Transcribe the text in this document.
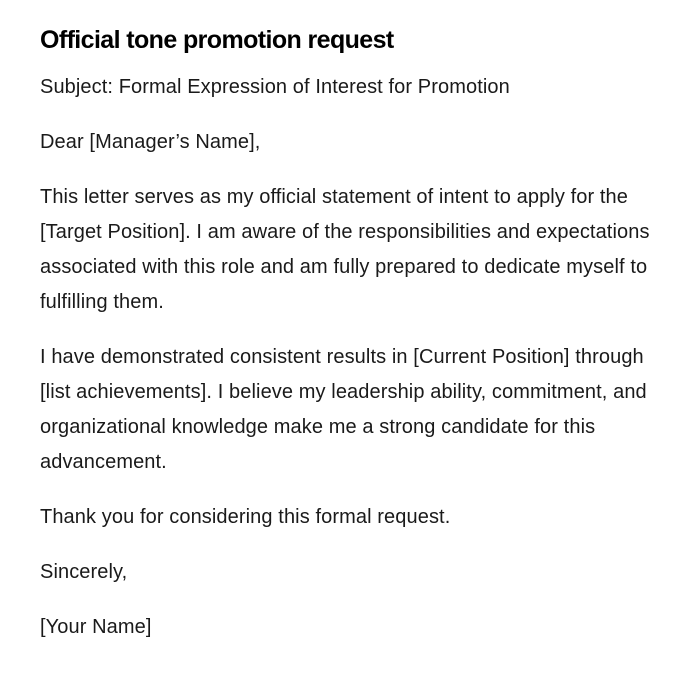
Official tone promotion request

Subject: Formal Expression of Interest for Promotion

Dear [Manager’s Name],

This letter serves as my official statement of intent to apply for the [Target Position]. I am aware of the responsibilities and expectations associated with this role and am fully prepared to dedicate myself to fulfilling them.

I have demonstrated consistent results in [Current Position] through [list achievements]. I believe my leadership ability, commitment, and organizational knowledge make me a strong candidate for this advancement.

Thank you for considering this formal request.

Sincerely,

[Your Name]
